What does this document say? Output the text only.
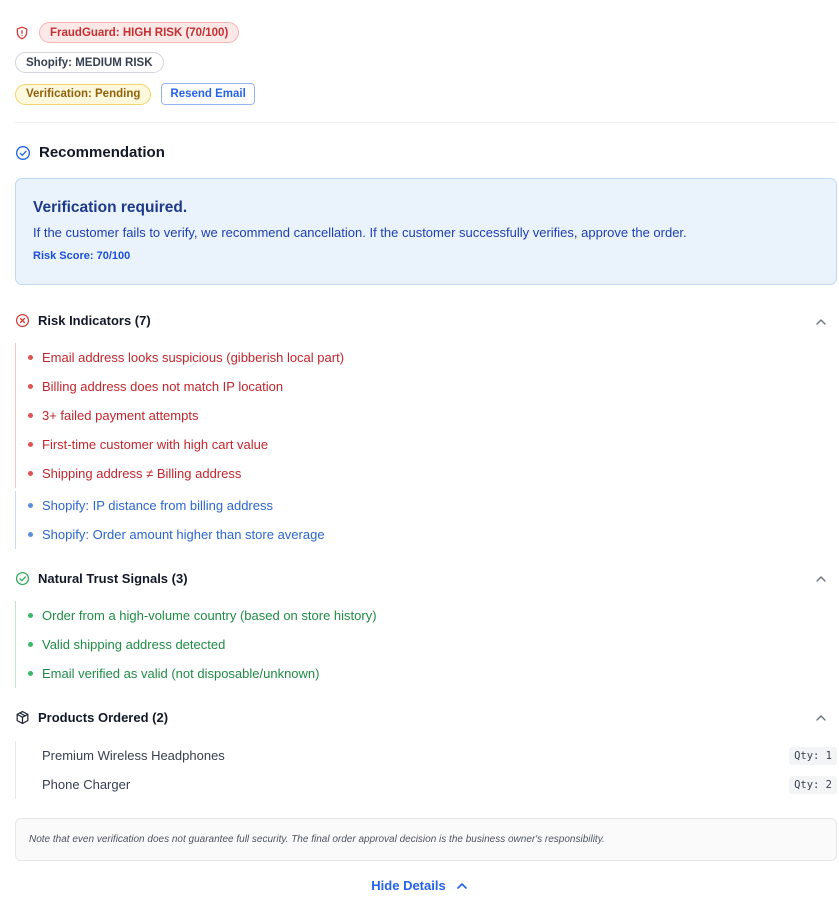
FraudGuard: HIGH RISK (70/100)
Shopify: MEDIUM RISK
Verification: Pending	Resend Email
Recommendation
Verification required.
If the customer fails to verify, we recommend cancellation. If the customer successfully verifies, approve the order.
Risk Score: 70/100
Risk Indicators (7)
Email address looks suspicious (gibberish local part)
Billing address does not match IP location
3+ failed payment attempts
First-time customer with high cart value
Shipping address ≠ Billing address
Shopify: IP distance from billing address
Shopify: Order amount higher than store average
Natural Trust Signals (3)
Order from a high-volume country (based on store history)
Valid shipping address detected
Email verified as valid (not disposable/unknown)
Products Ordered (2)
Premium Wireless Headphones	Qty: 1
Phone Charger	Qty: 2
Note that even verification does not guarantee full security. The final order approval decision is the business owner's responsibility.
Hide Details
